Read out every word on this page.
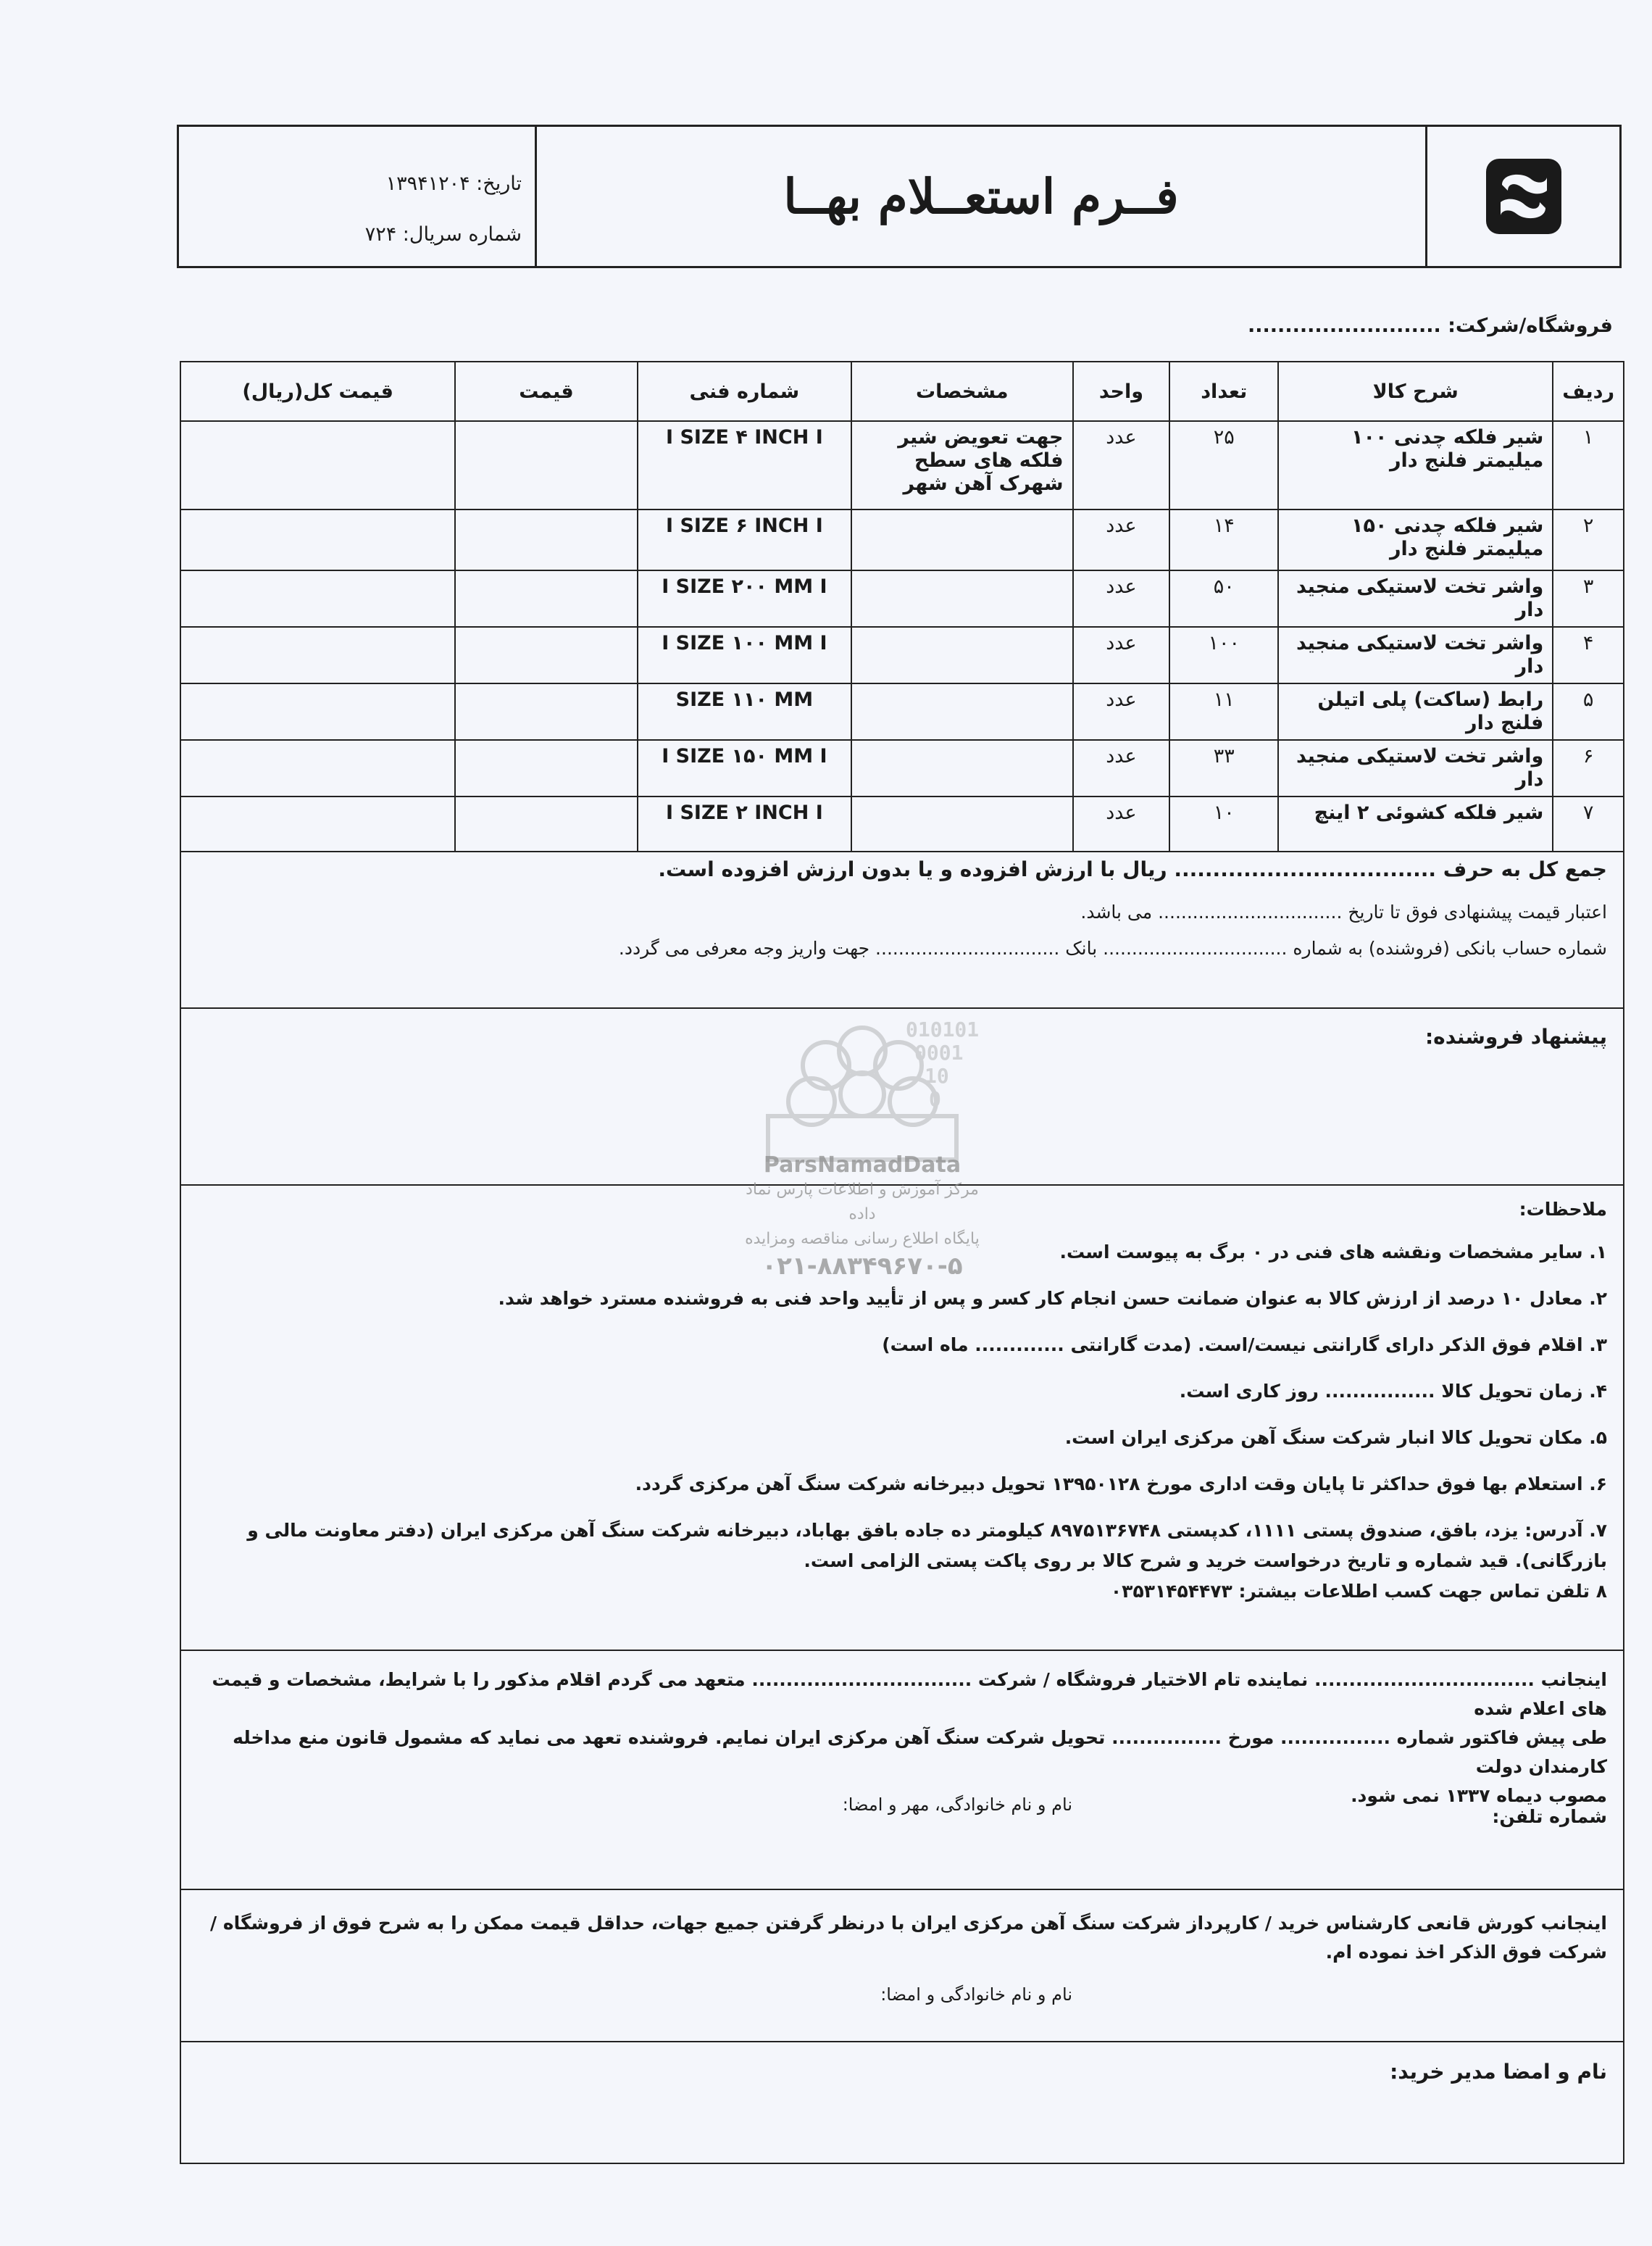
تاریخ: ۱۳۹۴۱۲۰۴
شماره سریال: ۷۲۴
فــرم استعــلام بهــا
فروشگاه/شرکت: ..........................
ردیف	شرح کالا	تعداد	واحد	مشخصات	شماره فنی	قیمت	قیمت کل(ریال)
۱	شیر فلکه چدنی ۱۰۰ میلیمتر فلنج دار	۲۵	عدد	جهت تعویض شیر فلکه های سطح شهرک آهن شهر	I SIZE ۴ INCH I		
۲	شیر فلکه چدنی ۱۵۰ میلیمتر فلنج دار	۱۴	عدد		I SIZE ۶ INCH I		
۳	واشر تخت لاستیکی منجید دار	۵۰	عدد		I SIZE ۲۰۰ MM I		
۴	واشر تخت لاستیکی منجید دار	۱۰۰	عدد		I SIZE ۱۰۰ MM I		
۵	رابط (ساکت) پلی اتیلن فلنج دار	۱۱	عدد		SIZE ۱۱۰ MM		
۶	واشر تخت لاستیکی منجید دار	۳۳	عدد		I SIZE ۱۵۰ MM I		
۷	شیر فلکه کشوئی ۲ اینچ	۱۰	عدد		I SIZE ۲ INCH I		

جمع کل به حرف .................................. ریال با ارزش افزوده و یا بدون ارزش افزوده است.

اعتبار قیمت پیشنهادی فوق تا تاریخ ................................ می باشد.

شماره حساب بانکی (فروشنده) به شماره ................................ بانک ................................ جهت واریز وجه معرفی می گردد.

پیشنهاد فروشنده:
ملاحظات:

۱. سایر مشخصات ونقشه های فنی در ۰ برگ به پیوست است.

۲. معادل ۱۰ درصد از ارزش کالا به عنوان ضمانت حسن انجام کار کسر و پس از تأیید واحد فنی به فروشنده مسترد خواهد شد.

۳. اقلام فوق الذکر دارای گارانتی نیست/است. (مدت گارانتی ............. ماه است)

۴. زمان تحویل کالا ................ روز کاری است.

۵. مکان تحویل کالا انبار شرکت سنگ آهن مرکزی ایران است.

۶. استعلام بها فوق حداکثر تا پایان وقت اداری مورخ ۱۳۹۵۰۱۲۸ تحویل دبیرخانه شرکت سنگ آهن مرکزی گردد.

۷. آدرس: یزد، بافق، صندوق پستی ۱۱۱۱، کدپستی ۸۹۷۵۱۳۶۷۴۸ کیلومتر ده جاده بافق بهاباد، دبیرخانه شرکت سنگ آهن مرکزی ایران (دفتر معاونت مالی و بازرگانی). قید شماره و تاریخ درخواست خرید و شرح کالا بر روی پاکت پستی الزامی است.

۸ تلفن تماس جهت کسب اطلاعات بیشتر: ۰۳۵۳۱۴۵۴۴۷۳

اینجانب ................................ نماینده تام الاختیار فروشگاه / شرکت ................................ متعهد می گردم اقلام مذکور را با شرایط، مشخصات و قیمت های اعلام شده

طی پیش فاکتور شماره ................ مورخ ................ تحویل شرکت سنگ آهن مرکزی ایران نمایم. فروشنده تعهد می نماید که مشمول قانون منع مداخله کارمندان دولت

مصوب دیماه ۱۳۳۷ نمی شود.

نام و نام خانوادگی، مهر و امضا:
شماره تلفن:

اینجانب کورش قانعی کارشناس خرید / کارپرداز شرکت سنگ آهن مرکزی ایران با درنظر گرفتن جمیع جهات، حداقل قیمت ممکن را به شرح فوق از فروشگاه / شرکت فوق الذکر اخذ نموده ام.

نام و نام خانوادگی و امضا:
نام و امضا مدیر خرید:
010101
0001
10
0
ParsNamadData
مرکز آموزش و اطلاعات پارس نماد داده
پایگاه اطلاع رسانی مناقصه ومزایده
۰۲۱-۸۸۳۴۹۶۷۰-۵
